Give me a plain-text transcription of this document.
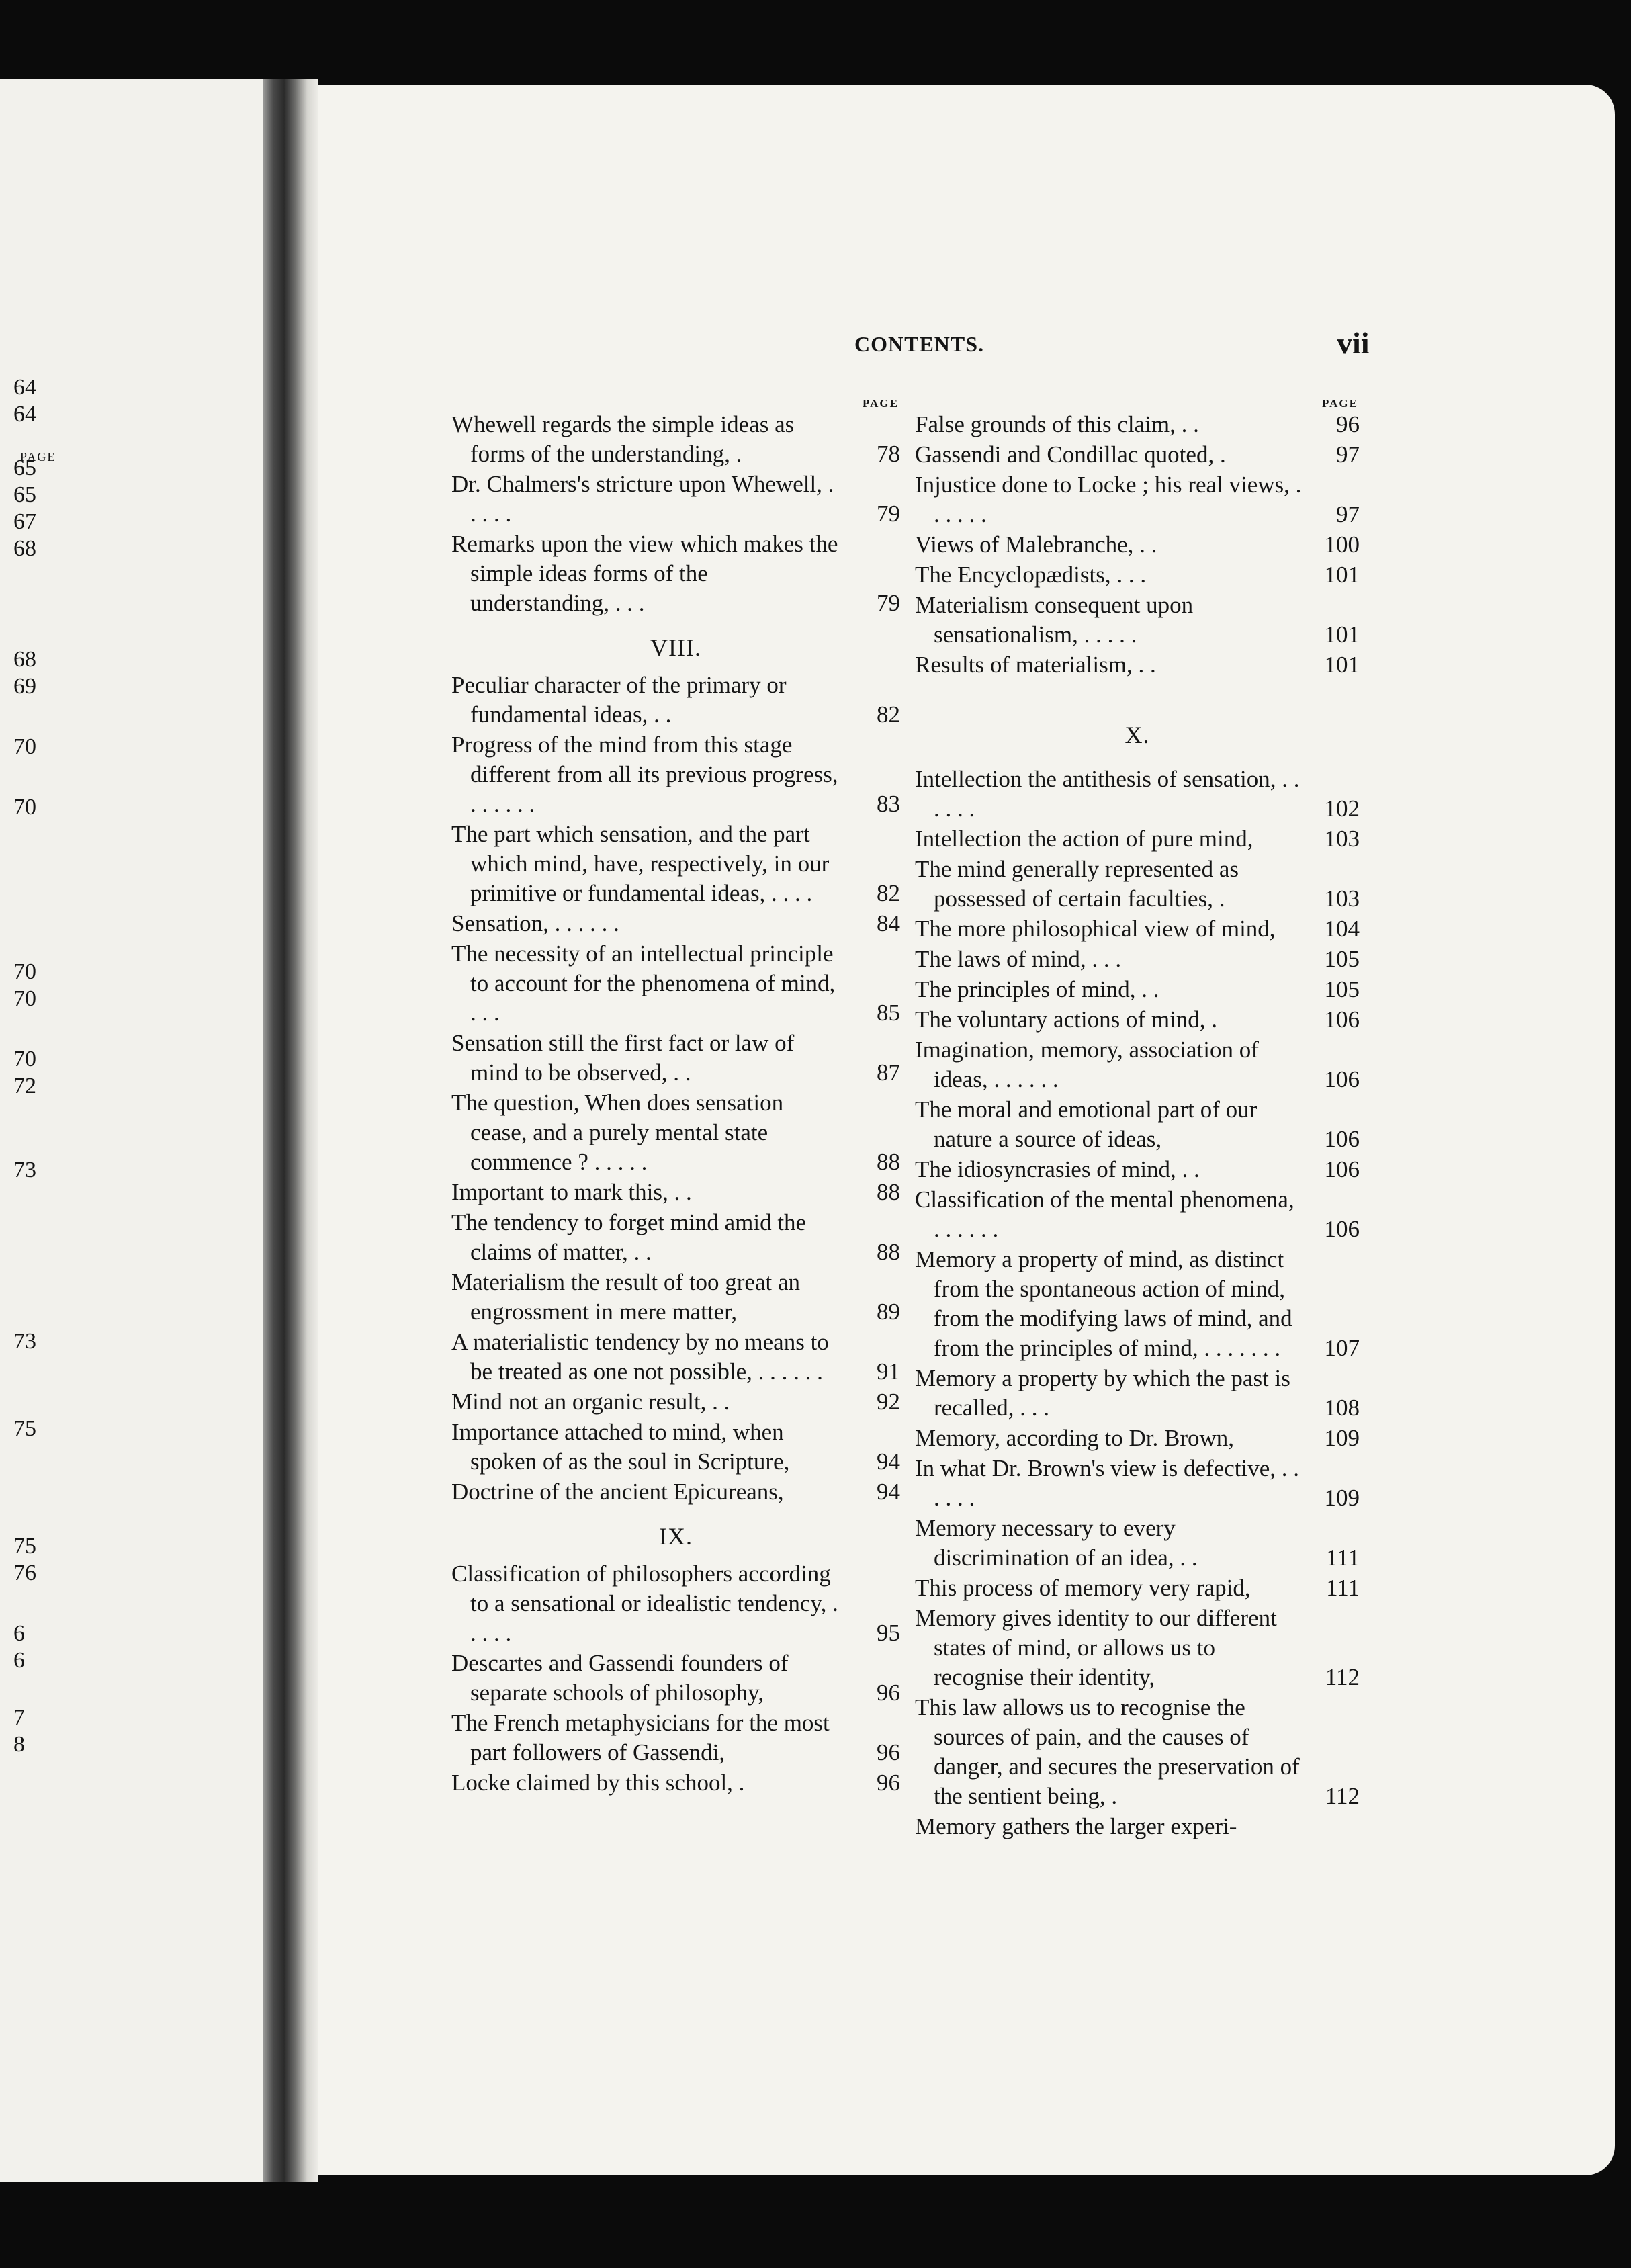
PAGE
64
64
65
65
67
68
68
69
70
70
70
70
70
72
73
73
75
75
76
6
6
7
8
CONTENTS.	vii
PAGE
Whewell regards the simple ideas as forms of the understanding, .	78
Dr. Chalmers's stricture upon Whewell, . . . . .	79
Remarks upon the view which makes the simple ideas forms of the understanding, . . .	79
VIII.
Peculiar character of the primary or fundamental ideas, . .	82
Progress of the mind from this stage different from all its previous progress, . . . . . .	83
The part which sensation, and the part which mind, have, respectively, in our primitive or fundamental ideas, . . . .	82
Sensation, . . . . . .	84
The necessity of an intellectual principle to account for the phenomena of mind, . . .	85
Sensation still the first fact or law of mind to be observed, . .	87
The question, When does sensation cease, and a purely mental state commence ? . . . . .	88
Important to mark this, . .	88
The tendency to forget mind amid the claims of matter, . .	88
Materialism the result of too great an engrossment in mere matter,	89
A materialistic tendency by no means to be treated as one not possible, . . . . . .	91
Mind not an organic result, . .	92
Importance attached to mind, when spoken of as the soul in Scripture,	94
Doctrine of the ancient Epicureans,	94
IX.
Classification of philosophers according to a sensational or idealistic tendency, . . . . .	95
Descartes and Gassendi founders of separate schools of philosophy,	96
The French metaphysicians for the most part followers of Gassendi,	96
Locke claimed by this school, .	96
PAGE
False grounds of this claim, . .	96
Gassendi and Condillac quoted, .	97
Injustice done to Locke ; his real views, . . . . . .	97
Views of Malebranche, . .	100
The Encyclopædists, . . .	101
Materialism consequent upon sensationalism, . . . . .	101
Results of materialism, . .	101
X.
Intellection the antithesis of sensation, . . . . . .	102
Intellection the action of pure mind,	103
The mind generally represented as possessed of certain faculties, .	103
The more philosophical view of mind,	104
The laws of mind, . . .	105
The principles of mind, . .	105
The voluntary actions of mind, .	106
Imagination, memory, association of ideas, . . . . . .	106
The moral and emotional part of our nature a source of ideas,	106
The idiosyncrasies of mind, . .	106
Classification of the mental phenomena, . . . . . .	106
Memory a property of mind, as distinct from the spontaneous action of mind, from the modifying laws of mind, and from the principles of mind, . . . . . . .	107
Memory a property by which the past is recalled, . . .	108
Memory, according to Dr. Brown,	109
In what Dr. Brown's view is defective, . . . . . .	109
Memory necessary to every discrimination of an idea, . .	111
This process of memory very rapid,	111
Memory gives identity to our different states of mind, or allows us to recognise their identity,	112
This law allows us to recognise the sources of pain, and the causes of danger, and secures the preservation of the sentient being, .	112
Memory gathers the larger experi-
